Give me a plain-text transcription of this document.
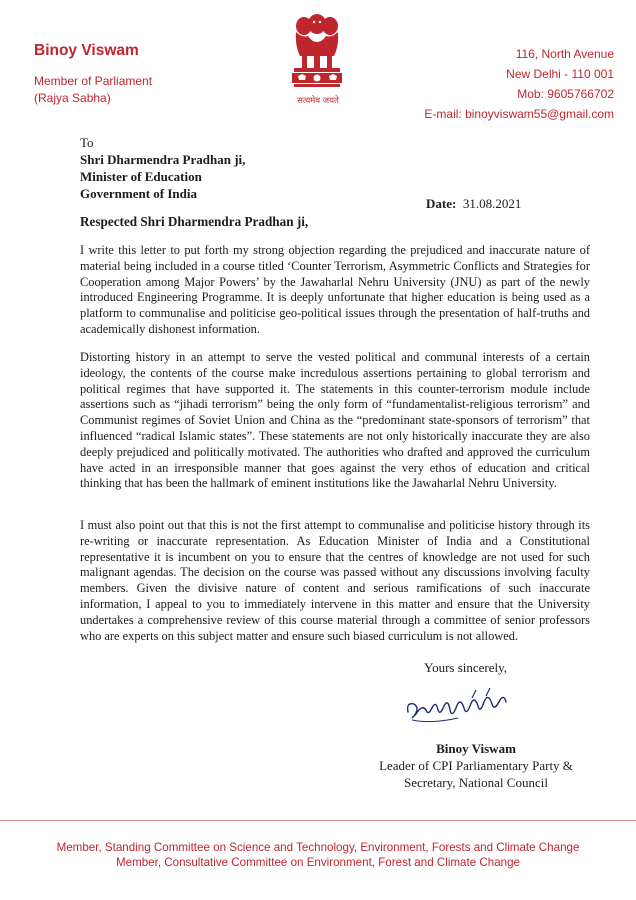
Binoy Viswam
Member of Parliament
(Rajya Sabha)	सत्यमेव जयते
116, North Avenue
New Delhi - 110 001
Mob: 9605766702
E-mail: binoyviswam55@gmail.com
To
Shri Dharmendra Pradhan ji,
Minister of Education
Government of India
Date: 31.08.2021
Respected Shri Dharmendra Pradhan ji,
I write this letter to put forth my strong objection regarding the prejudiced and inaccurate nature of material being included in a course titled ‘Counter Terrorism, Asymmetric Conflicts and Strategies for Cooperation among Major Powers’ by the Jawaharlal Nehru University (JNU) as part of the newly introduced Engineering Programme. It is deeply unfortunate that higher education is being used as a platform to communalise and politicise geo-political issues through the presentation of half-truths and academically dishonest information.
Distorting history in an attempt to serve the vested political and communal interests of a certain ideology, the contents of the course make incredulous assertions pertaining to global terrorism and political regimes that have supported it. The statements in this counter-terrorism module include assertions such as “jihadi terrorism” being the only form of “fundamentalist-religious terrorism” and Communist regimes of Soviet Union and China as the “predominant state-sponsors of terrorism” that influenced “radical Islamic states”. These statements are not only historically inaccurate they are also deeply prejudiced and politically motivated. The authorities who drafted and approved the curriculum have acted in an irresponsible manner that goes against the very ethos of education and critical thinking that has been the hallmark of eminent institutions like the Jawaharlal Nehru University.
I must also point out that this is not the first attempt to communalise and politicise history through its re-writing or inaccurate representation. As Education Minister of India and a Constitutional representative it is incumbent on you to ensure that the centres of knowledge are not used for such malignant agendas. The decision on the course was passed without any discussions involving faculty members. Given the divisive nature of content and serious ramifications of such inaccurate information, I appeal to you to immediately intervene in this matter and ensure that the University undertakes a comprehensive review of this course material through a committee of senior professors who are experts on this subject matter and ensure such biased curriculum is not allowed.
Yours sincerely,
Binoy Viswam
Leader of CPI Parliamentary Party &
Secretary, National Council
Member, Standing Committee on Science and Technology, Environment, Forests and Climate Change
Member, Consultative Committee on Environment, Forest and Climate Change
